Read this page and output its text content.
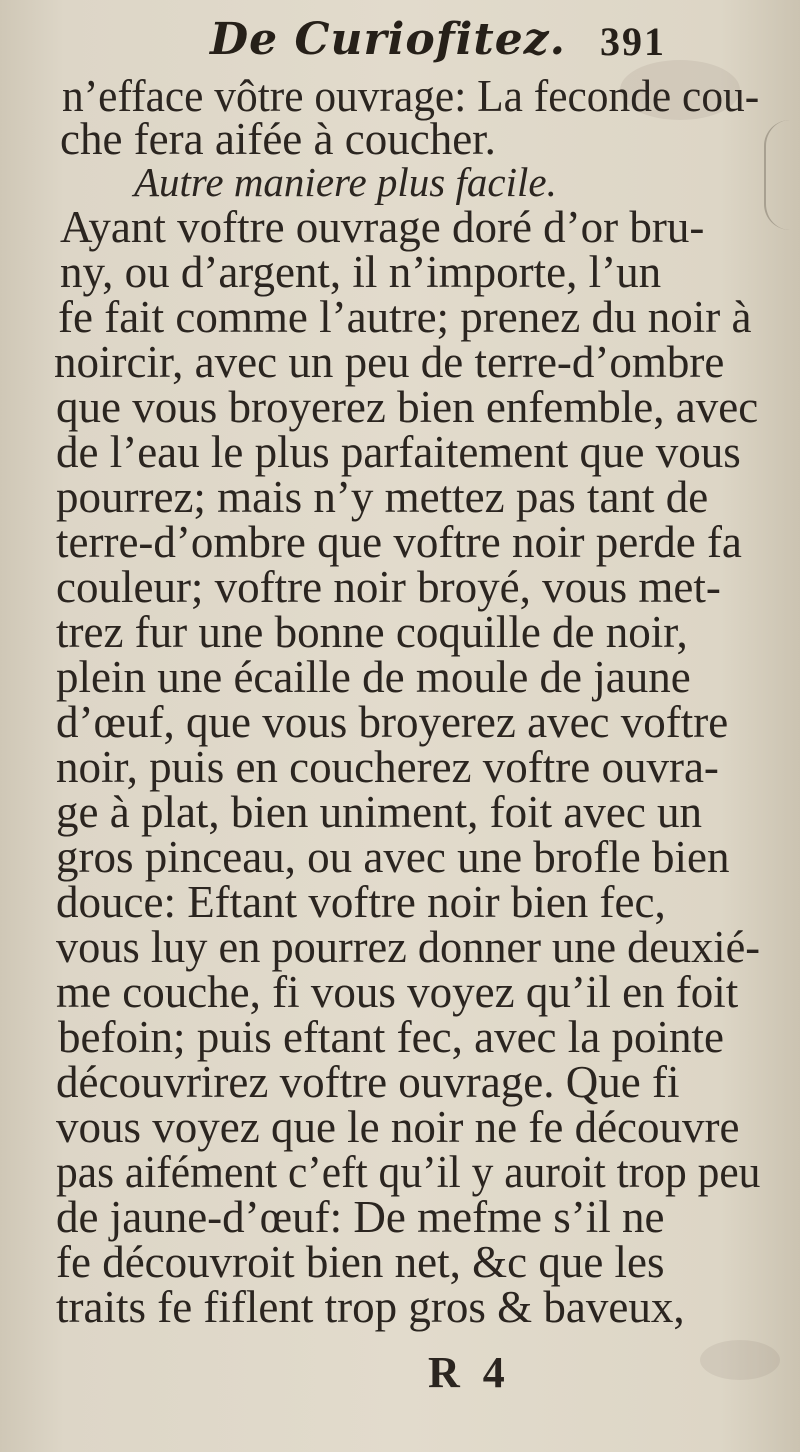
De Curiofitez. 391
n’effacе vôtre ouvrage: La feconde cou-
che fera aifée à coucher.
Autre maniere plus facile.
Ayant voftre ouvrage doré d’or bru-
ny, ou d’argent, il n’importe, l’un
fe fait comme l’autre; prenez du noir à
noircir, avec un peu de terre-d’ombre
que vous broyerez bien enfemble, avec
de l’eau le plus parfaitement que vous
pourrez; mais n’y mettez pas tant de
terre-d’ombre que voftre noir perde fa
couleur; voftre noir broyé, vous met-
trez fur une bonne coquille de noir,
plein une écaille de moule de jaune
d’œuf, que vous broyerez avec voftre
noir, puis en coucherez voftre ouvra-
ge à plat, bien uniment, foit avec un
gros pinceau, ou avec une brofle bien
douce: Eftant voftre noir bien fec,
vous luy en pourrez donner une deuxié-
me couche, fi vous voyez qu’il en foit
befoin; puis eftant fec, avec la pointe
découvrirez voftre ouvrage. Que fi
vous voyez que le noir ne fe découvre
pas aifément c’eft qu’il y auroit trop peu
de jaune-d’œuf: De mefme s’il ne
fe découvroit bien net, &c que les
traits fe fiflent trop gros & baveux,
R 4
